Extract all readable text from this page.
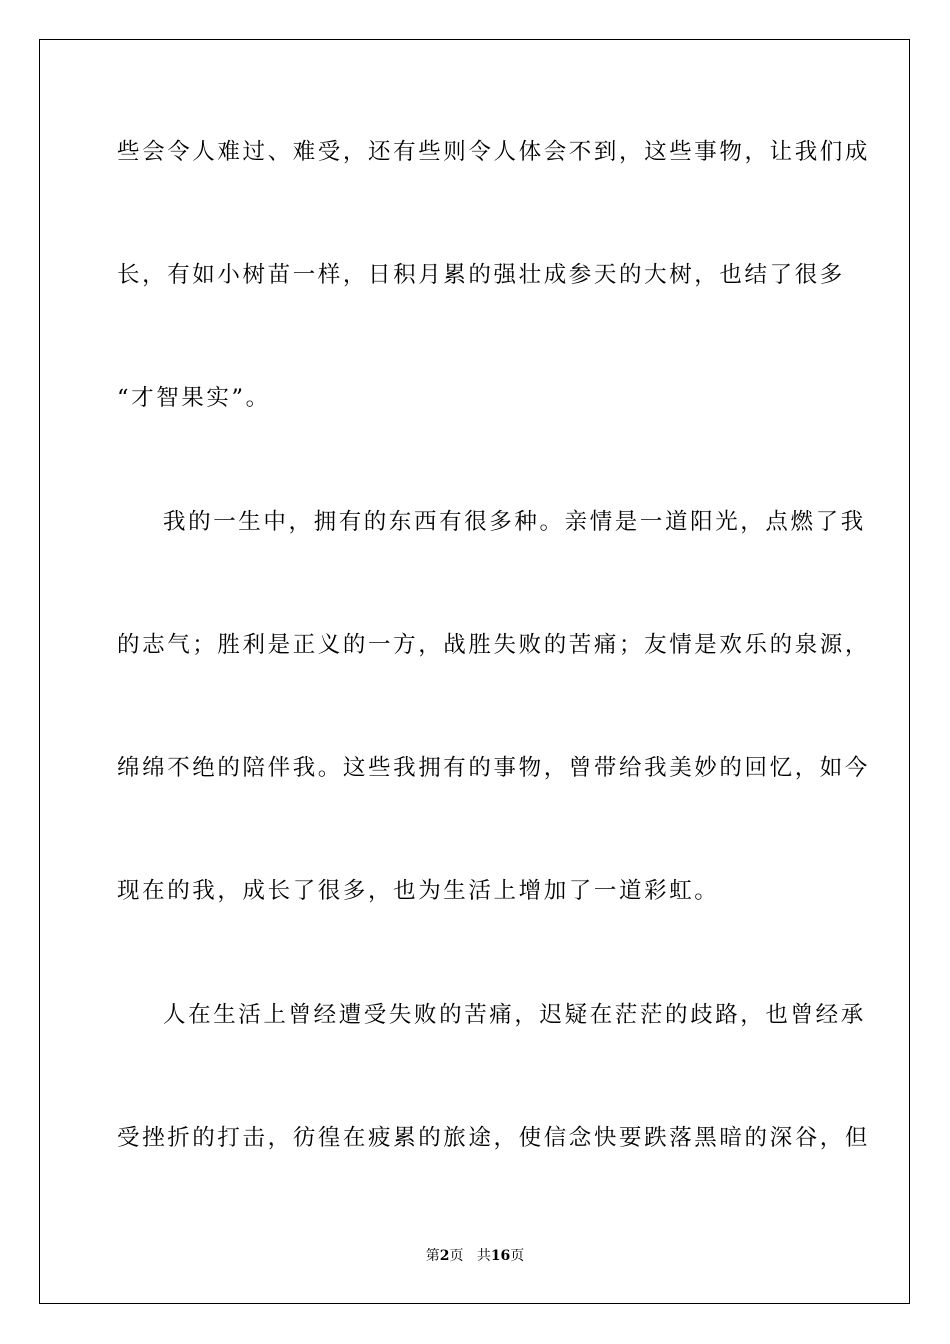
些会令人难过、难受，还有些则令人体会不到，这些事物，让我们成
长，有如小树苗一样，日积月累的强壮成参天的大树，也结了很多
“才智果实”。
我的一生中，拥有的东西有很多种。亲情是一道阳光，点燃了我
的志气；胜利是正义的一方，战胜失败的苦痛；友情是欢乐的泉源，
绵绵不绝的陪伴我。这些我拥有的事物，曾带给我美妙的回忆，如今
现在的我，成长了很多，也为生活上增加了一道彩虹。
人在生活上曾经遭受失败的苦痛，迟疑在茫茫的歧路，也曾经承
受挫折的打击，彷徨在疲累的旅途，使信念快要跌落黑暗的深谷，但
第2页 共16页
